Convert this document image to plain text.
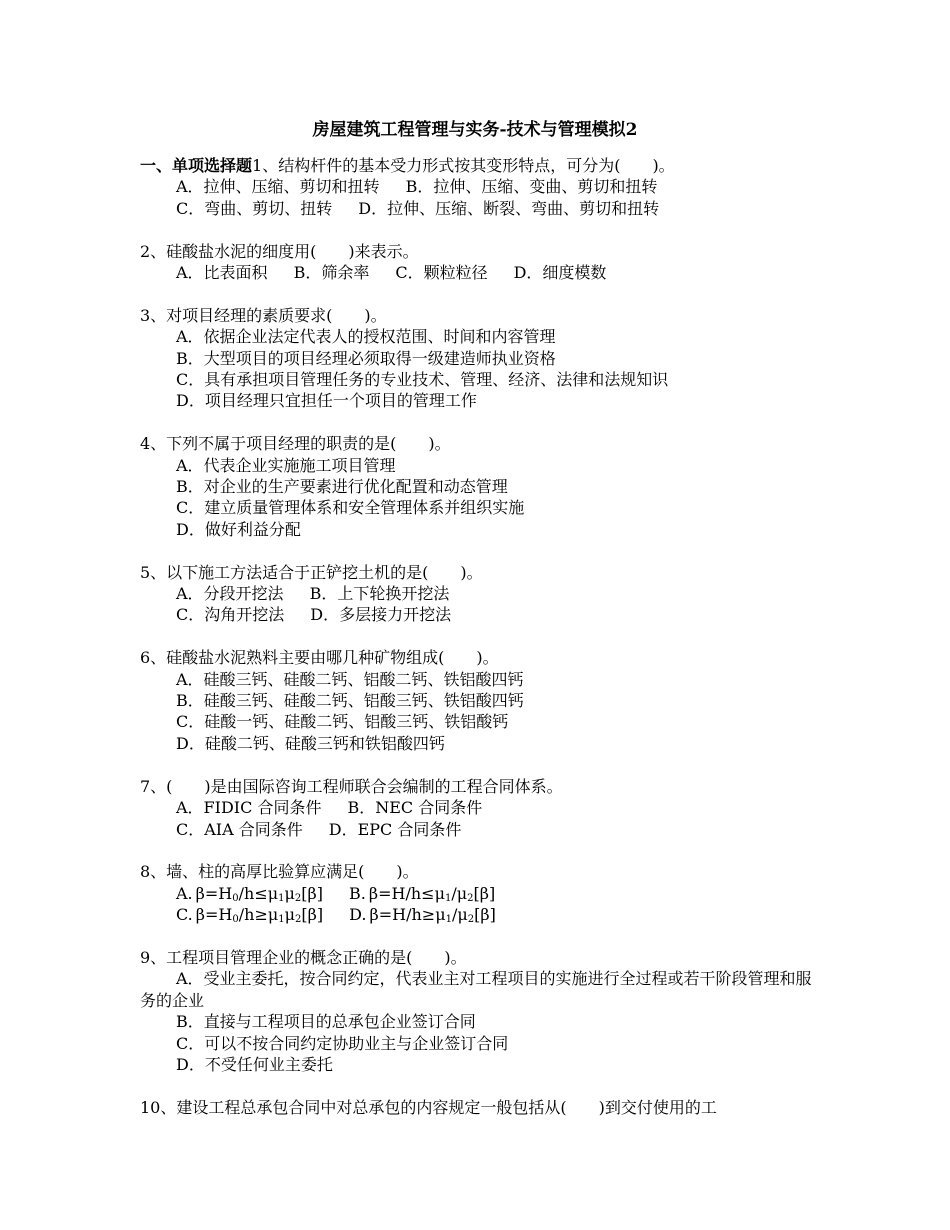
房屋建筑工程管理与实务-技术与管理模拟2
一、单项选择题1、结构杆件的基本受力形式按其变形特点，可分为(　　)。
A．拉伸、压缩、剪切和扭转 B．拉伸、压缩、变曲、剪切和扭转
C．弯曲、剪切、扭转 D．拉伸、压缩、断裂、弯曲、剪切和扭转
2、硅酸盐水泥的细度用(　　)来表示。
A．比表面积 B．筛余率 C．颗粒粒径 D．细度模数
3、对项目经理的素质要求(　　)。
A．依据企业法定代表人的授权范围、时间和内容管理
B．大型项目的项目经理必须取得一级建造师执业资格
C．具有承担项目管理任务的专业技术、管理、经济、法律和法规知识
D．项目经理只宜担任一个项目的管理工作
4、下列不属于项目经理的职责的是(　　)。
A．代表企业实施施工项目管理
B．对企业的生产要素进行优化配置和动态管理
C．建立质量管理体系和安全管理体系并组织实施
D．做好利益分配
5、以下施工方法适合于正铲挖土机的是(　　)。
A．分段开挖法 B．上下轮换开挖法
C．沟角开挖法 D．多层接力开挖法
6、硅酸盐水泥熟料主要由哪几种矿物组成(　　)。
A．硅酸三钙、硅酸二钙、铝酸二钙、铁铝酸四钙
B．硅酸三钙、硅酸二钙、铝酸三钙、铁铝酸四钙
C．硅酸一钙、硅酸二钙、铝酸三钙、铁铝酸钙
D．硅酸二钙、硅酸三钙和铁铝酸四钙
7、(　　)是由国际咨询工程师联合会编制的工程合同体系。
A．FIDIC 合同条件 B．NEC 合同条件
C．AIA 合同条件 D．EPC 合同条件
8、墙、柱的高厚比验算应满足(　　)。
A. $\beta=H_0/h\le\mu_1\mu_2[\beta]$ B. $\beta=H/h\le\mu_1/\mu_2[\beta]$
C. $\beta=H_0/h\ge\mu_1\mu_2[\beta]$ D. $\beta=H/h\ge\mu_1/\mu_2[\beta]$
9、工程项目管理企业的概念正确的是(　　)。
A．受业主委托，按合同约定，代表业主对工程项目的实施进行全过程或若干阶段管理和服务的企业
B．直接与工程项目的总承包企业签订合同
C．可以不按合同约定协助业主与企业签订合同
D．不受任何业主委托
10、建设工程总承包合同中对总承包的内容规定一般包括从(　　)到交付使用的工
